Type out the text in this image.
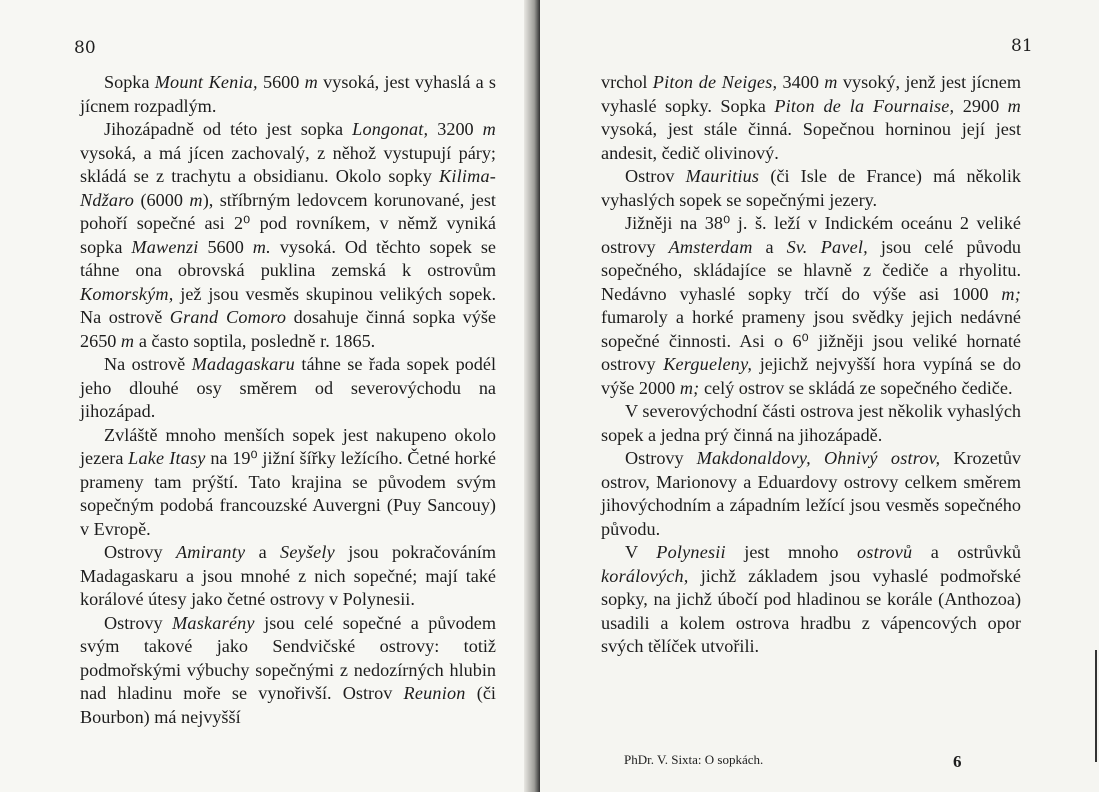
80

Sopka Mount Kenia, 5600 m vysoká, jest vyhaslá a s jícnem rozpadlým.

Jihozápadně od této jest sopka Longonat, 3200 m vysoká, a má jícen zachovalý, z něhož vystupují páry; skládá se z trachytu a obsidianu. Okolo sopky Kilima-Ndžaro (6000 m), stříbrným ledovcem korunované, jest pohoří sopečné asi 2⁰ pod rovníkem, v němž vyniká sopka Mawenzi 5600 m. vysoká. Od těchto sopek se táhne ona obrovská puklina zemská k ostrovům Komorským, jež jsou vesměs skupinou velikých sopek. Na ostrově Grand Comoro dosahuje činná sopka výše 2650 m a často soptila, posledně r. 1865.

Na ostrově Madagaskaru táhne se řada sopek podél jeho dlouhé osy směrem od severovýchodu na jihozápad.

Zvláště mnoho menších sopek jest nakupeno okolo jezera Lake Itasy na 19⁰ jižní šířky ležícího. Četné horké prameny tam prýští. Tato krajina se původem svým sopečným podobá francouzské Auvergni (Puy Sancouy) v Evropě.

Ostrovy Amiranty a Seyšely jsou pokračováním Madagaskaru a jsou mnohé z nich sopečné; mají také korálové útesy jako četné ostrovy v Polynesii.

Ostrovy Maskarény jsou celé sopečné a původem svým takové jako Sendvičské ostrovy: totiž podmořskými výbuchy sopečnými z nedozírných hlubin nad hladinu moře se vynořivší. Ostrov Reunion (či Bourbon) má nejvyšší

81

vrchol Piton de Neiges, 3400 m vysoký, jenž jest jícnem vyhaslé sopky. Sopka Piton de la Fournaise, 2900 m vysoká, jest stále činná. Sopečnou horninou její jest andesit, čedič olivinový.

Ostrov Mauritius (či Isle de France) má několik vyhaslých sopek se sopečnými jezery.

Jižněji na 38⁰ j. š. leží v Indickém oceánu 2 veliké ostrovy Amsterdam a Sv. Pavel, jsou celé původu sopečného, skládajíce se hlavně z čediče a rhyolitu. Nedávno vyhaslé sopky trčí do výše asi 1000 m; fumaroly a horké prameny jsou svědky jejich nedávné sopečné činnosti. Asi o 6⁰ jižněji jsou veliké hornaté ostrovy Kergueleny, jejichž nejvyšší hora vypíná se do výše 2000 m; celý ostrov se skládá ze sopečného čediče.

V severovýchodní části ostrova jest několik vyhaslých sopek a jedna prý činná na jihozápadě.

Ostrovy Makdonaldovy, Ohnivý ostrov, Krozetův ostrov, Marionovy a Eduardovy ostrovy celkem směrem jihovýchodním a západním ležící jsou vesměs sopečného původu.

V Polynesii jest mnoho ostrovů a ostrůvků korálových, jichž základem jsou vyhaslé podmořské sopky, na jichž úbočí pod hladinou se korále (Anthozoa) usadili a kolem ostrova hradbu z vápencových opor svých tělíček utvořili.

PhDr. V. Sixta: O sopkách.	6
